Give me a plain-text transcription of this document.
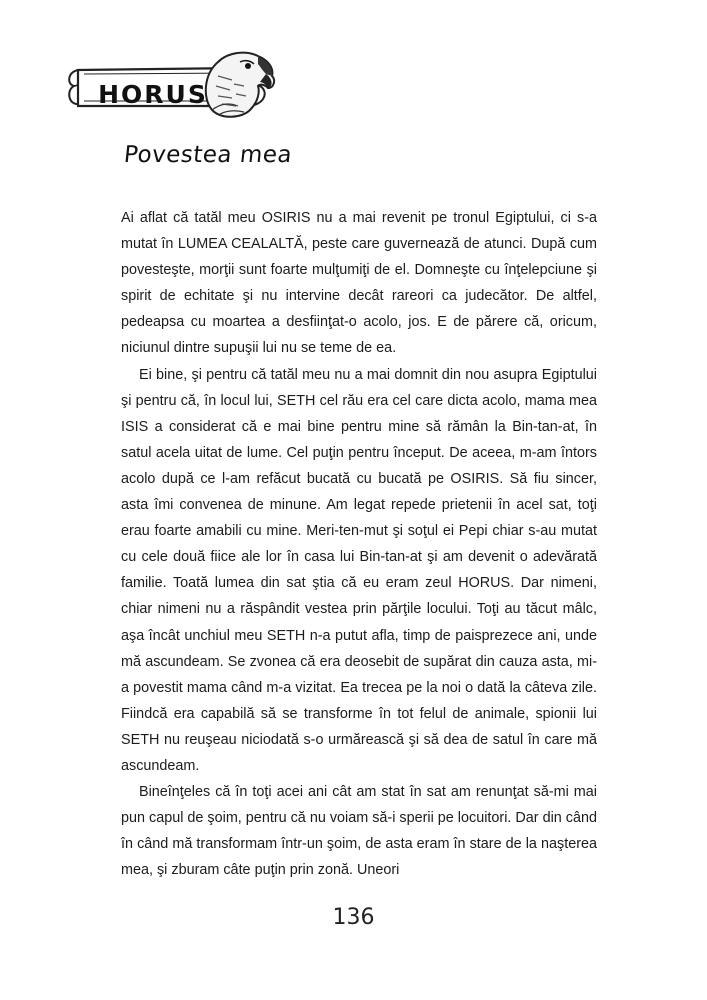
HORUS
Povestea mea

Ai aflat că tatăl meu OSIRIS nu a mai revenit pe tronul Egiptului, ci s-a mutat în LUMEA CEALALTĂ, peste care guvernează de atunci. După cum povesteşte, morţii sunt foarte mulţumiţi de el. Domneşte cu înţelepciune şi spirit de echitate şi nu intervine decât rareori ca judecător. De altfel, pedeapsa cu moartea a desfiinţat-o acolo, jos. E de părere că, oricum, niciunul dintre supuşii lui nu se teme de ea.

Ei bine, şi pentru că tatăl meu nu a mai domnit din nou asupra Egiptului şi pentru că, în locul lui, SETH cel rău era cel care dicta acolo, mama mea ISIS a considerat că e mai bine pentru mine să rămân la Bin-tan-at, în satul acela uitat de lume. Cel puţin pentru început. De aceea, m-am întors acolo după ce l-am refăcut bucată cu bucată pe OSIRIS. Să fiu sincer, asta îmi convenea de minune. Am legat repede prietenii în acel sat, toţi erau foarte amabili cu mine. Meri-ten-mut şi soţul ei Pepi chiar s-au mutat cu cele două fiice ale lor în casa lui Bin-tan-at şi am devenit o adevărată familie. Toată lumea din sat ştia că eu eram zeul HORUS. Dar nimeni, chiar nimeni nu a răspândit vestea prin părţile locului. Toţi au tăcut mâlc, aşa încât unchiul meu SETH n-a putut afla, timp de paisprezece ani, unde mă ascundeam. Se zvonea că era deosebit de supărat din cauza asta, mi-a povestit mama când m-a vizitat. Ea trecea pe la noi o dată la câteva zile. Fiindcă era capabilă să se transforme în tot felul de animale, spionii lui SETH nu reuşeau niciodată s-o urmărească şi să dea de satul în care mă ascundeam.

Bineînţeles că în toţi acei ani cât am stat în sat am renunţat să-mi mai pun capul de şoim, pentru că nu voiam să-i sperii pe locuitori. Dar din când în când mă transformam într-un şoim, de asta eram în stare de la naşterea mea, şi zburam câte puţin prin zonă. Uneori

136
